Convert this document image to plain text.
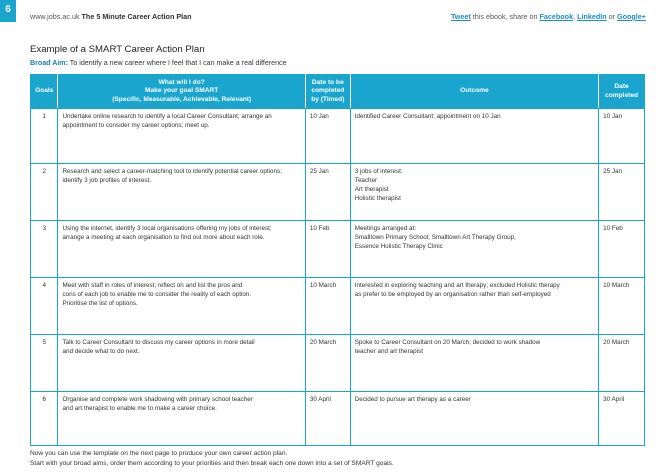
6
www.jobs.ac.uk The 5 Minute Career Action Plan	Tweet this ebook, share on Facebook, LinkedIn or Google+
Example of a SMART Career Action Plan
Broad Aim: To identify a new career where I feel that I can make a real difference
Goals	What will I do?
Make your goal SMART
(Specific, Measurable, Achievable, Relevant)	Date to be
completed
by (Timed)	Outcome	Date
completed

1	Undertake online research to identify a local Career Consultant; arrange an
appointment to consider my career options; meet up.	10 Jan	Identified Career Consultant; appointment on 10 Jan	10 Jan
2	Research and select a career-matching tool to identify potential career options;
identify 3 job profiles of interest.	25 Jan	3 jobs of interest:
Teacher
Art therapist
Holistic therapist	25 Jan
3	Using the internet, identify 3 local organisations offering my jobs of interest;
arrange a meeting at each organisation to find out more about each role.	10 Feb	Meetings arranged at:
Smalltown Primary School; Smalltown Art Therapy Group,
Essence Holistic Therapy Clinic	10 Feb
4	Meet with staff in roles of interest; reflect on and list the pros and
cons of each job to enable me to consider the reality of each option.
Prioritise the list of options.	10 March	Interested in exploring teaching and art therapy; excluded Holistic therapy
as prefer to be employed by an organisation rather than self-employed	10 March
5	Talk to Career Consultant to discuss my career options in more detail
and decide what to do next.	20 March	Spoke to Career Consultant on 20 March; decided to work shadow
teacher and art therapist	20 March
6	Organise and complete work shadowing with primary school teacher
and art therapist to enable me to make a career choice.	30 April	Decided to pursue art therapy as a career	30 April
Now you can use the template on the next page to produce your own career action plan.
Start with your broad aims, order them according to your priorities and then break each one down into a set of SMART goals.
